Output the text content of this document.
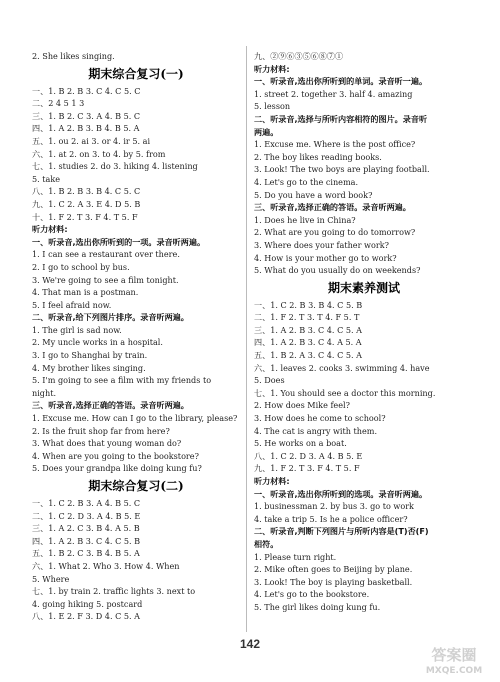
2. She likes singing.
期末综合复习(一)
一、1. B 2. B 3. C 4. C 5. C
二、2 4 5 1 3
三、1. B 2. C 3. A 4. B 5. C
四、1. A 2. B 3. B 4. B 5. A
五、1. ou 2. ai 3. or 4. ir 5. ai
六、1. at 2. on 3. to 4. by 5. from
七、1. studies 2. do 3. hiking 4. listening
5. take
八、1. B 2. B 3. B 4. C 5. C
九、1. C 2. A 3. E 4. D 5. B
十、1. F 2. T 3. F 4. T 5. F
听力材料:
一、听录音,选出你所听到的一项。录音听两遍。
1. I can see a restaurant over there.
2. I go to school by bus.
3. We're going to see a film tonight.
4. That man is a postman.
5. I feel afraid now.
二、听录音,给下列图片排序。录音听两遍。
1. The girl is sad now.
2. My uncle works in a hospital.
3. I go to Shanghai by train.
4. My brother likes singing.
5. I'm going to see a film with my friends to
night.
三、听录音,选择正确的答语。录音听两遍。
1. Excuse me. How can I go to the library, please?
2. Is the fruit shop far from here?
3. What does that young woman do?
4. When are you going to the bookstore?
5. Does your grandpa like doing kung fu?
期末综合复习(二)
一、1. C 2. B 3. A 4. B 5. C
二、1. C 2. D 3. A 4. B 5. E
三、1. A 2. C 3. B 4. A 5. B
四、1. A 2. B 3. C 4. C 5. B
五、1. B 2. C 3. B 4. B 5. A
六、1. What 2. Who 3. How 4. When
5. Where
七、1. by train 2. traffic lights 3. next to
4. going hiking 5. postcard
八、1. E 2. F 3. D 4. C 5. A
九、②⑨⑥③⑤⑥⑧⑦①
听力材料:
一、听录音,选出你所听到的单词。录音听一遍。
1. street 2. together 3. half 4. amazing
5. lesson
二、听录音,选择与所听内容相符的图片。录音听
两遍。
1. Excuse me. Where is the post office?
2. The boy likes reading books.
3. Look! The two boys are playing football.
4. Let's go to the cinema.
5. Do you have a word book?
三、听录音,选择正确的答语。录音听两遍。
1. Does he live in China?
2. What are you going to do tomorrow?
3. Where does your father work?
4. How is your mother go to work?
5. What do you usually do on weekends?
期末素养测试
一、1. C 2. B 3. B 4. C 5. B
二、1. F 2. T 3. T 4. F 5. T
三、1. A 2. B 3. C 4. C 5. A
四、1. A 2. B 3. C 4. A 5. A
五、1. B 2. A 3. C 4. C 5. A
六、1. leaves 2. cooks 3. swimming 4. have
5. Does
七、1. You should see a doctor this morning.
2. How does Mike feel?
3. How does he come to school?
4. The cat is angry with them.
5. He works on a boat.
八、1. C 2. D 3. A 4. B 5. E
九、1. F 2. T 3. F 4. T 5. F
听力材料:
一、听录音,选出你所听到的选项。录音听两遍。
1. businessman 2. by bus 3. go to work
4. take a trip 5. Is he a police officer?
二、听录音,判断下列图片与所听内容是(T)否(F)
相符。
1. Please turn right.
2. Mike often goes to Beijing by plane.
3. Look! The boy is playing basketball.
4. Let's go to the bookstore.
5. The girl likes doing kung fu.
142
答案圈
MXQE.COM
